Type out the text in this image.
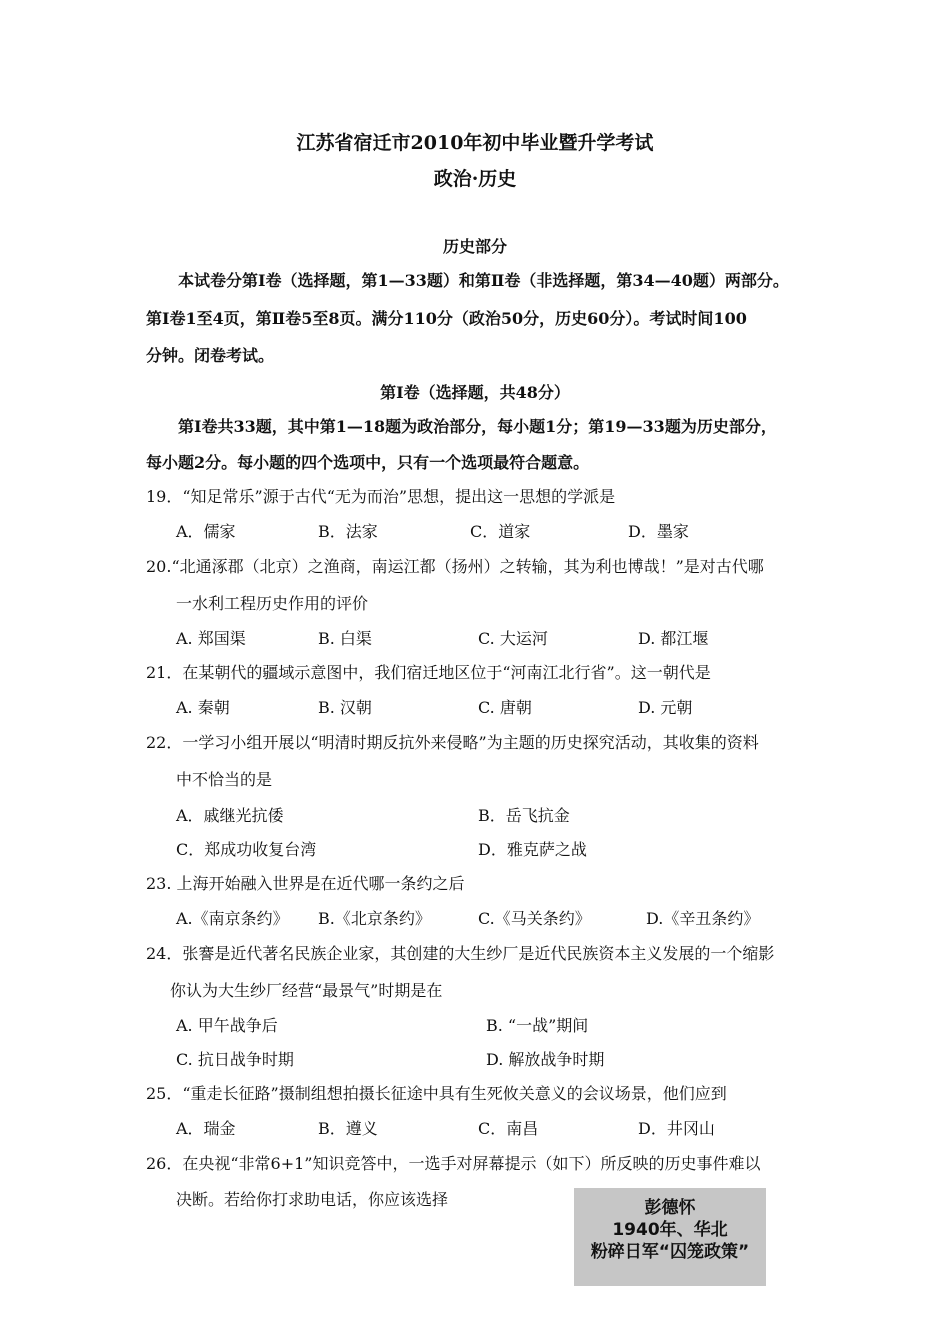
江苏省宿迁市2010年初中毕业暨升学考试
政治·历史
历史部分
本试卷分第Ⅰ卷（选择题，第1—33题）和第Ⅱ卷（非选择题，第34—40题）两部分。
第Ⅰ卷1至4页，第Ⅱ卷5至8页。满分110分（政治50分，历史60分）。考试时间100
分钟。闭卷考试。
第Ⅰ卷（选择题，共48分）
第Ⅰ卷共33题，其中第1—18题为政治部分，每小题1分；第19—33题为历史部分，
每小题2分。每小题的四个选项中，只有一个选项最符合题意。
19．“知足常乐”源于古代“无为而治”思想，提出这一思想的学派是
A．儒家	B．法家	C．道家	D．墨家
20.“北通涿郡（北京）之渔商，南运江都（扬州）之转输，其为利也博哉！”是对古代哪
一水利工程历史作用的评价
A. 郑国渠	B. 白渠	C. 大运河	D. 都江堰
21．在某朝代的疆域示意图中，我们宿迁地区位于“河南江北行省”。这一朝代是
A. 秦朝	B. 汉朝	C. 唐朝	D. 元朝
22．一学习小组开展以“明清时期反抗外来侵略”为主题的历史探究活动，其收集的资料
中不恰当的是
A．戚继光抗倭	B．岳飞抗金
C．郑成功收复台湾	D．雅克萨之战
23. 上海开始融入世界是在近代哪一条约之后
A.《南京条约》 B.《北京条约》	C.《马关条约》	D.《辛丑条约》
24．张謇是近代著名民族企业家，其创建的大生纱厂是近代民族资本主义发展的一个缩影
你认为大生纱厂经营“最景气”时期是在
A. 甲午战争后	B. “一战”期间
C. 抗日战争时期	D. 解放战争时期
25．“重走长征路”摄制组想拍摄长征途中具有生死攸关意义的会议场景，他们应到
A．瑞金	B．遵义	C．南昌	D．井冈山
26．在央视“非常6+1”知识竞答中，一选手对屏幕提示（如下）所反映的历史事件难以
决断。若给你打求助电话，你应该选择	彭德怀
1940年、华北
粉碎日军“囚笼政策”
